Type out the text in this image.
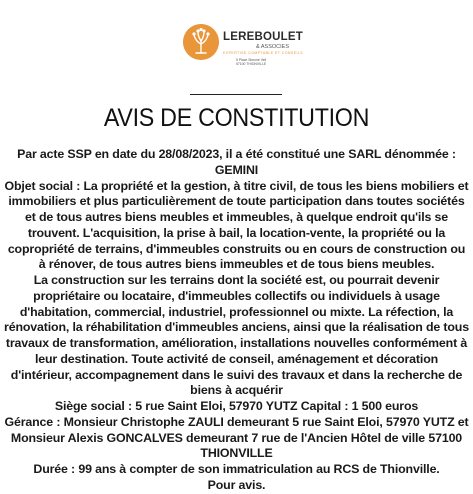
LEREBOULET
& ASSOCIES
EXPERTISE COMPTABLE ET CONSEILS
5 Place Simone Veil
57100 THIONVILLE
AVIS DE CONSTITUTION

Par acte SSP en date du 28/08/2023, il a été constitué une SARL dénommée : GEMINI

Objet social : La propriété et la gestion, à titre civil, de tous les biens mobiliers et immobiliers et plus particulièrement de toute participation dans toutes sociétés et de tous autres biens meubles et immeubles, à quelque endroit qu'ils se trouvent. L'acquisition, la prise à bail, la location-vente, la propriété ou la copropriété de terrains, d'immeubles construits ou en cours de construction ou à rénover, de tous autres biens immeubles et de tous biens meubles.

La construction sur les terrains dont la société est, ou pourrait devenir propriétaire ou locataire, d'immeubles collectifs ou individuels à usage d'habitation, commercial, industriel, professionnel ou mixte. La réfection, la rénovation, la réhabilitation d'immeubles anciens, ainsi que la réalisation de tous travaux de transformation, amélioration, installations nouvelles conformément à leur destination. Toute activité de conseil, aménagement et décoration d'intérieur, accompagnement dans le suivi des travaux et dans la recherche de biens à acquérir

Siège social : 5 rue Saint Eloi, 57970 YUTZ Capital : 1 500 euros

Gérance : Monsieur Christophe ZAULI demeurant 5 rue Saint Eloi, 57970 YUTZ et Monsieur Alexis GONCALVES demeurant 7 rue de l'Ancien Hôtel de ville 57100 THIONVILLE

Durée : 99 ans à compter de son immatriculation au RCS de Thionville.

Pour avis.
